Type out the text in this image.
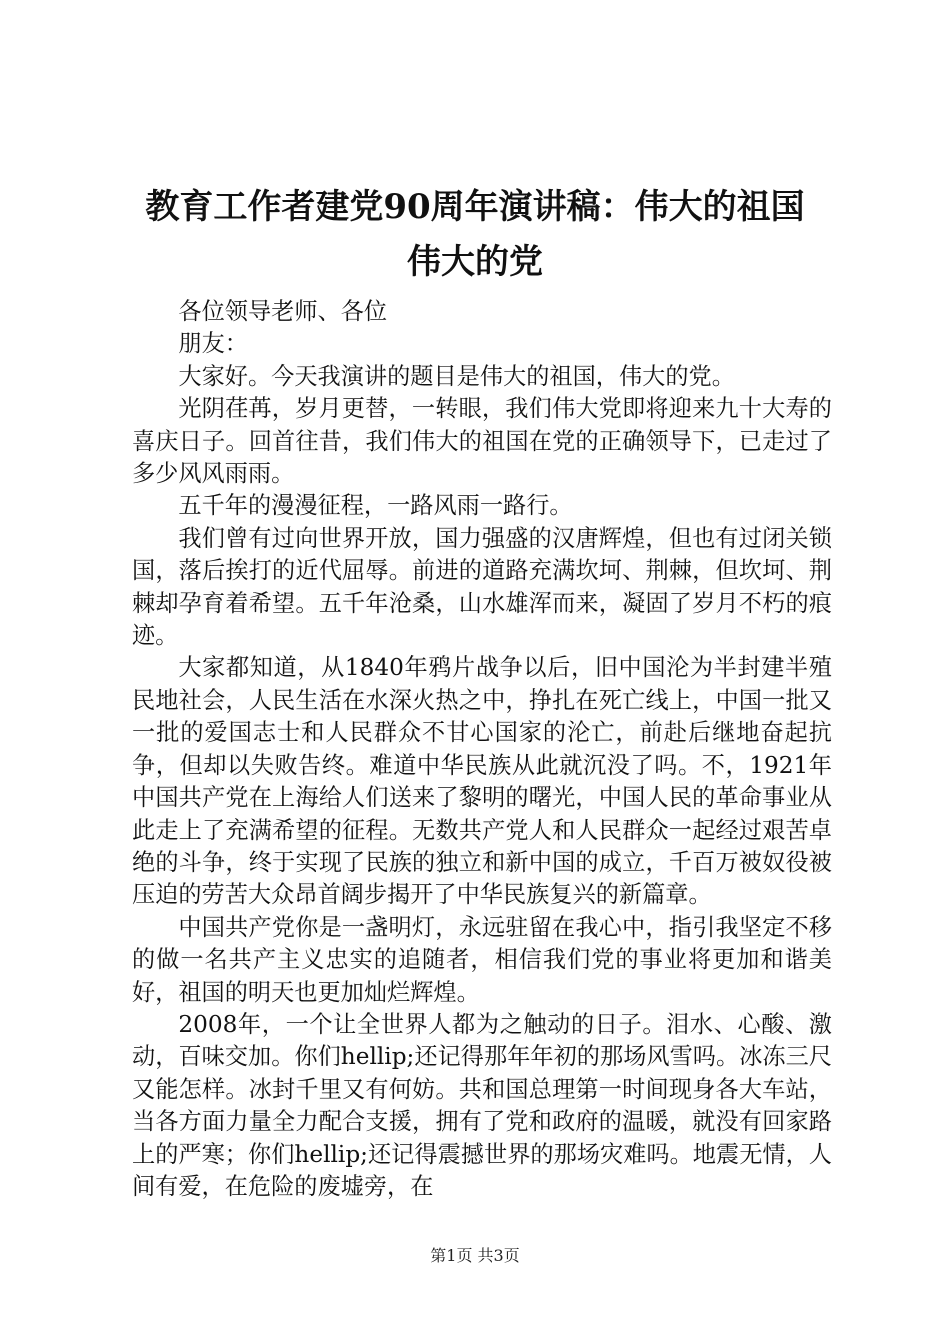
教育工作者建党90周年演讲稿：伟大的祖国
伟大的党

各位领导老师、各位

朋友：

大家好。今天我演讲的题目是伟大的祖国，伟大的党。

光阴荏苒，岁月更替，一转眼，我们伟大党即将迎来九十大寿的喜庆日子。回首往昔，我们伟大的祖国在党的正确领导下，已走过了多少风风雨雨。

五千年的漫漫征程，一路风雨一路行。

我们曾有过向世界开放，国力强盛的汉唐辉煌，但也有过闭关锁国，落后挨打的近代屈辱。前进的道路充满坎坷、荆棘，但坎坷、荆棘却孕育着希望。五千年沧桑，山水雄浑而来，凝固了岁月不朽的痕迹。

大家都知道，从1840年鸦片战争以后，旧中国沦为半封建半殖民地社会，人民生活在水深火热之中，挣扎在死亡线上，中国一批又一批的爱国志士和人民群众不甘心国家的沦亡，前赴后继地奋起抗争，但却以失败告终。难道中华民族从此就沉没了吗。不，1921年中国共产党在上海给人们送来了黎明的曙光，中国人民的革命事业从此走上了充满希望的征程。无数共产党人和人民群众一起经过艰苦卓绝的斗争，终于实现了民族的独立和新中国的成立，千百万被奴役被压迫的劳苦大众昂首阔步揭开了中华民族复兴的新篇章。

中国共产党你是一盏明灯，永远驻留在我心中，指引我坚定不移的做一名共产主义忠实的追随者，相信我们党的事业将更加和谐美好，祖国的明天也更加灿烂辉煌。

2008年，一个让全世界人都为之触动的日子。泪水、心酸、激动，百味交加。你们hellip;还记得那年年初的那场风雪吗。冰冻三尺又能怎样。冰封千里又有何妨。共和国总理第一时间现身各大车站，当各方面力量全力配合支援，拥有了党和政府的温暖，就没有回家路上的严寒；你们hellip;还记得震撼世界的那场灾难吗。地震无情，人间有爱，在危险的废墟旁，在

第1页 共3页
